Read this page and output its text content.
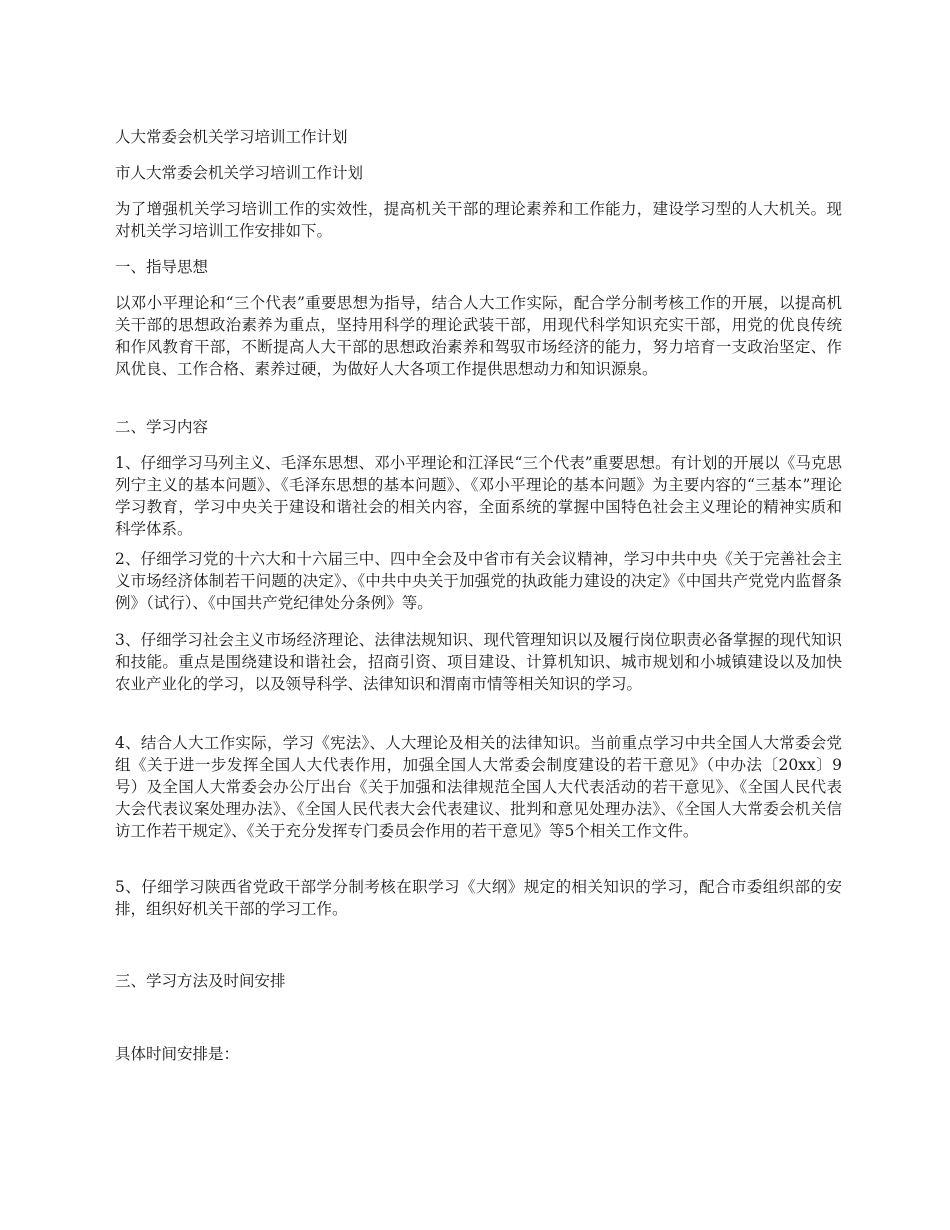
人大常委会机关学习培训工作计划
市人大常委会机关学习培训工作计划
为了增强机关学习培训工作的实效性，提高机关干部的理论素养和工作能力，建设学习型的人大机关。现对机关学习培训工作安排如下。
一、指导思想
以邓小平理论和“三个代表”重要思想为指导，结合人大工作实际，配合学分制考核工作的开展，以提高机关干部的思想政治素养为重点，坚持用科学的理论武装干部，用现代科学知识充实干部，用党的优良传统和作风教育干部，不断提高人大干部的思想政治素养和驾驭市场经济的能力，努力培育一支政治坚定、作风优良、工作合格、素养过硬，为做好人大各项工作提供思想动力和知识源泉。
二、学习内容
1、仔细学习马列主义、毛泽东思想、邓小平理论和江泽民“三个代表”重要思想。有计划的开展以《马克思列宁主义的基本问题》、《毛泽东思想的基本问题》、《邓小平理论的基本问题》为主要内容的“三基本”理论学习教育，学习中央关于建设和谐社会的相关内容，全面系统的掌握中国特色社会主义理论的精神实质和科学体系。
2、仔细学习党的十六大和十六届三中、四中全会及中省市有关会议精神，学习中共中央《关于完善社会主义市场经济体制若干问题的决定》、《中共中央关于加强党的执政能力建设的决定》《中国共产党党内监督条例》（试行）、《中国共产党纪律处分条例》等。
3、仔细学习社会主义市场经济理论、法律法规知识、现代管理知识以及履行岗位职责必备掌握的现代知识和技能。重点是围绕建设和谐社会，招商引资、项目建设、计算机知识、城市规划和小城镇建设以及加快农业产业化的学习，以及领导科学、法律知识和渭南市情等相关知识的学习。
4、结合人大工作实际，学习《宪法》、人大理论及相关的法律知识。当前重点学习中共全国人大常委会党组《关于进一步发挥全国人大代表作用，加强全国人大常委会制度建设的若干意见》（中办法〔20xx〕9号）及全国人大常委会办公厅出台《关于加强和法律规范全国人大代表活动的若干意见》、《全国人民代表大会代表议案处理办法》、《全国人民代表大会代表建议、批判和意见处理办法》、《全国人大常委会机关信访工作若干规定》、《关于充分发挥专门委员会作用的若干意见》等5个相关工作文件。
5、仔细学习陕西省党政干部学分制考核在职学习《大纲》规定的相关知识的学习，配合市委组织部的安排，组织好机关干部的学习工作。
三、学习方法及时间安排
具体时间安排是：
